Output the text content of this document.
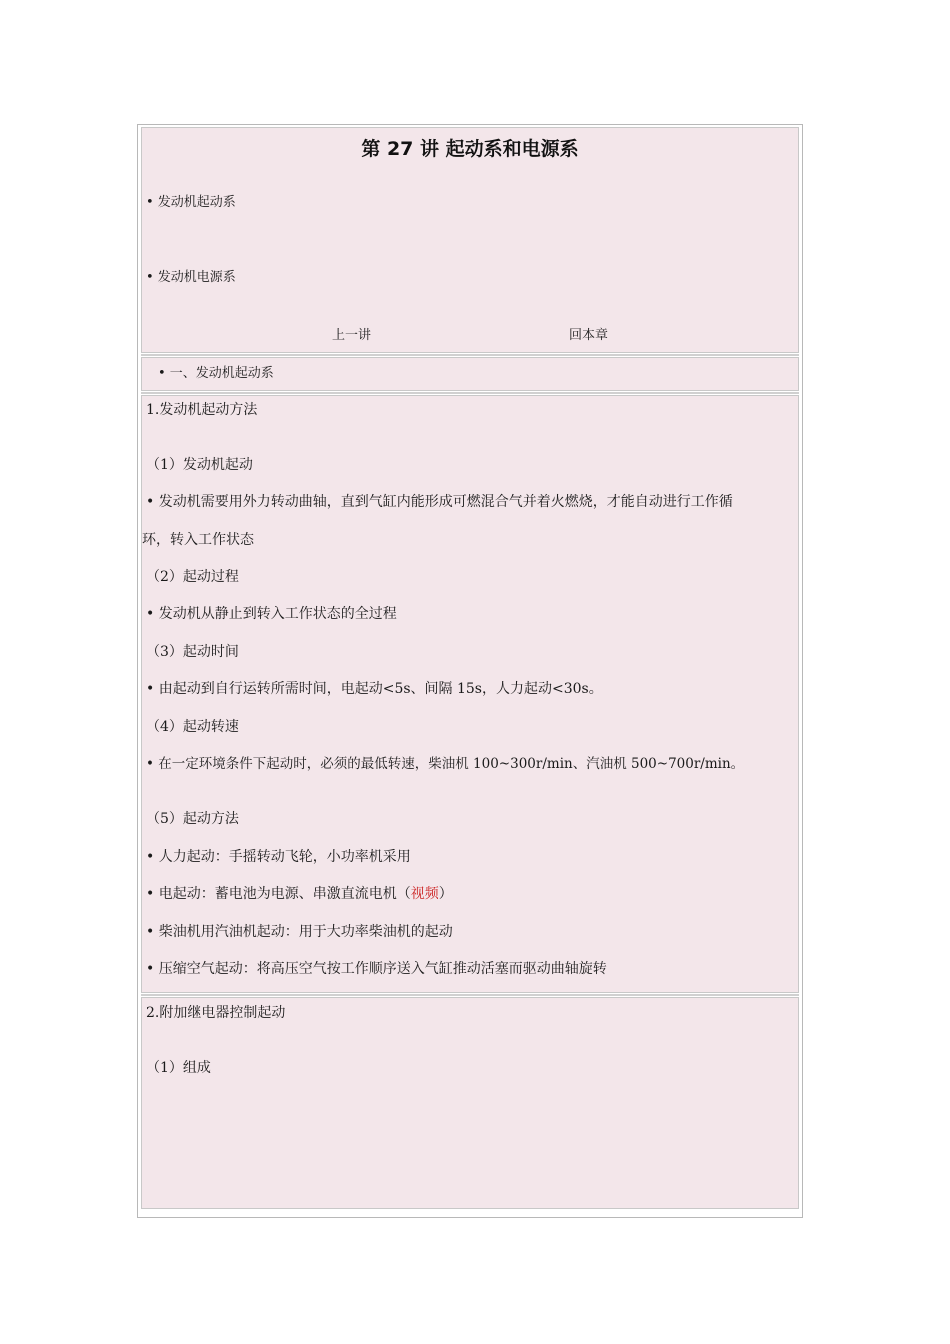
第 27 讲 起动系和电源系
• 发动机起动系
• 发动机电源系
上一讲	回本章
• 一、发动机起动系
1.发动机起动方法
（1）发动机起动
• 发动机需要用外力转动曲轴，直到气缸内能形成可燃混合气并着火燃烧，才能自动进行工作循
环，转入工作状态
（2）起动过程
• 发动机从静止到转入工作状态的全过程
（3）起动时间
• 由起动到自行运转所需时间，电起动<5s、间隔 15s，人力起动<30s。
（4）起动转速
• 在一定环境条件下起动时，必须的最低转速，柴油机 100~300r/min、汽油机 500~700r/min。
（5）起动方法
• 人力起动：手摇转动飞轮，小功率机采用
• 电起动：蓄电池为电源、串激直流电机（视频）
• 柴油机用汽油机起动：用于大功率柴油机的起动
• 压缩空气起动：将高压空气按工作顺序送入气缸推动活塞而驱动曲轴旋转
2.附加继电器控制起动
（1）组成
